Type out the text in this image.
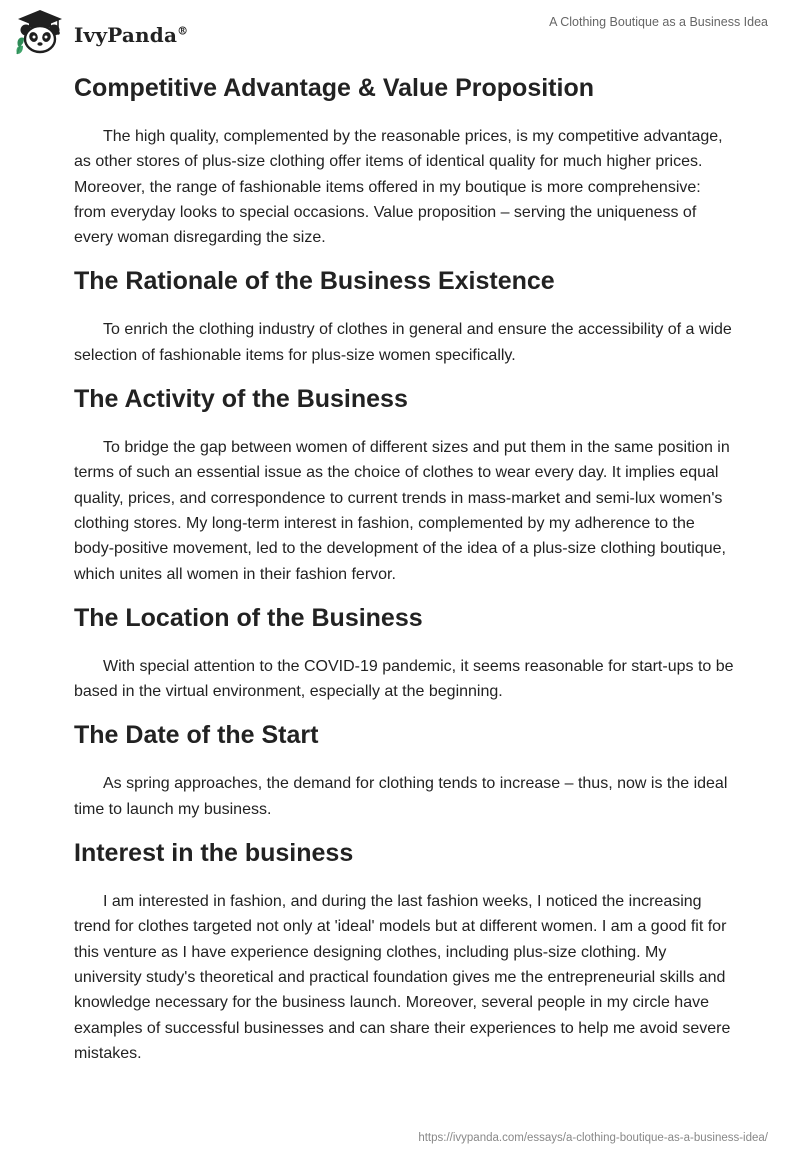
IvyPanda®
A Clothing Boutique as a Business Idea
Competitive Advantage & Value Proposition

The high quality, complemented by the reasonable prices, is my competitive advantage, as other stores of plus-size clothing offer items of identical quality for much higher prices. Moreover, the range of fashionable items offered in my boutique is more comprehensive: from everyday looks to special occasions. Value proposition – serving the uniqueness of every woman disregarding the size.

The Rationale of the Business Existence

To enrich the clothing industry of clothes in general and ensure the accessibility of a wide selection of fashionable items for plus-size women specifically.

The Activity of the Business

To bridge the gap between women of different sizes and put them in the same position in terms of such an essential issue as the choice of clothes to wear every day. It implies equal quality, prices, and correspondence to current trends in mass-market and semi-lux women's clothing stores. My long-term interest in fashion, complemented by my adherence to the body-positive movement, led to the development of the idea of a plus-size clothing boutique, which unites all women in their fashion fervor.

The Location of the Business

With special attention to the COVID-19 pandemic, it seems reasonable for start-ups to be based in the virtual environment, especially at the beginning.

The Date of the Start

As spring approaches, the demand for clothing tends to increase – thus, now is the ideal time to launch my business.

Interest in the business

I am interested in fashion, and during the last fashion weeks, I noticed the increasing trend for clothes targeted not only at 'ideal' models but at different women. I am a good fit for this venture as I have experience designing clothes, including plus-size clothing. My university study's theoretical and practical foundation gives me the entrepreneurial skills and knowledge necessary for the business launch. Moreover, several people in my circle have examples of successful businesses and can share their experiences to help me avoid severe mistakes.

https://ivypanda.com/essays/a-clothing-boutique-as-a-business-idea/
